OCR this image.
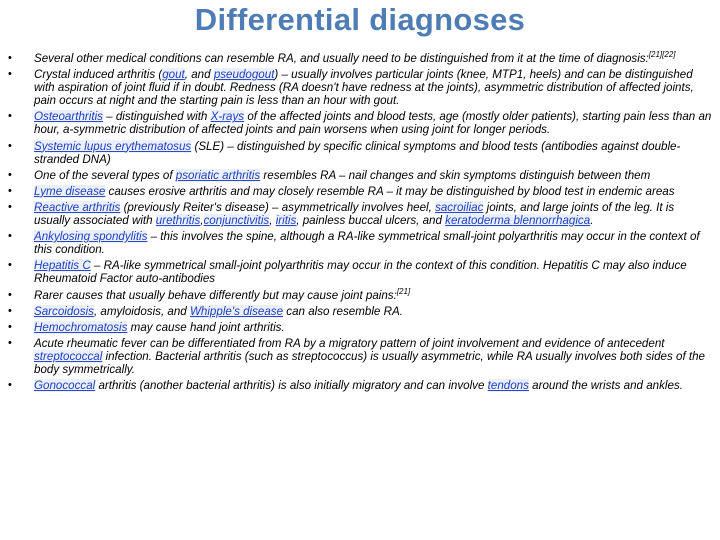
Differential diagnoses
• Several other medical conditions can resemble RA, and usually need to be distinguished from it at the time of diagnosis:[21][22]
• Crystal induced arthritis (gout, and pseudogout) – usually involves particular joints (knee, MTP1, heels) and can be distinguished with aspiration of joint fluid if in doubt. Redness (RA doesn't have redness at the joints), asymmetric distribution of affected joints, pain occurs at night and the starting pain is less than an hour with gout.
• Osteoarthritis – distinguished with X-rays of the affected joints and blood tests, age (mostly older patients), starting pain less than an hour, a-symmetric distribution of affected joints and pain worsens when using joint for longer periods.
• Systemic lupus erythematosus (SLE) – distinguished by specific clinical symptoms and blood tests (antibodies against double-stranded DNA)
• One of the several types of psoriatic arthritis resembles RA – nail changes and skin symptoms distinguish between them
• Lyme disease causes erosive arthritis and may closely resemble RA – it may be distinguished by blood test in endemic areas
• Reactive arthritis (previously Reiter's disease) – asymmetrically involves heel, sacroiliac joints, and large joints of the leg. It is usually associated with urethritis,conjunctivitis, iritis, painless buccal ulcers, and keratoderma blennorrhagica.
• Ankylosing spondylitis – this involves the spine, although a RA-like symmetrical small-joint polyarthritis may occur in the context of this condition.
• Hepatitis C – RA-like symmetrical small-joint polyarthritis may occur in the context of this condition. Hepatitis C may also induce Rheumatoid Factor auto-antibodies
• Rarer causes that usually behave differently but may cause joint pains:[21]
• Sarcoidosis, amyloidosis, and Whipple's disease can also resemble RA.
• Hemochromatosis may cause hand joint arthritis.
• Acute rheumatic fever can be differentiated from RA by a migratory pattern of joint involvement and evidence of antecedent streptococcal infection. Bacterial arthritis (such as streptococcus) is usually asymmetric, while RA usually involves both sides of the body symmetrically.
• Gonococcal arthritis (another bacterial arthritis) is also initially migratory and can involve tendons around the wrists and ankles.
